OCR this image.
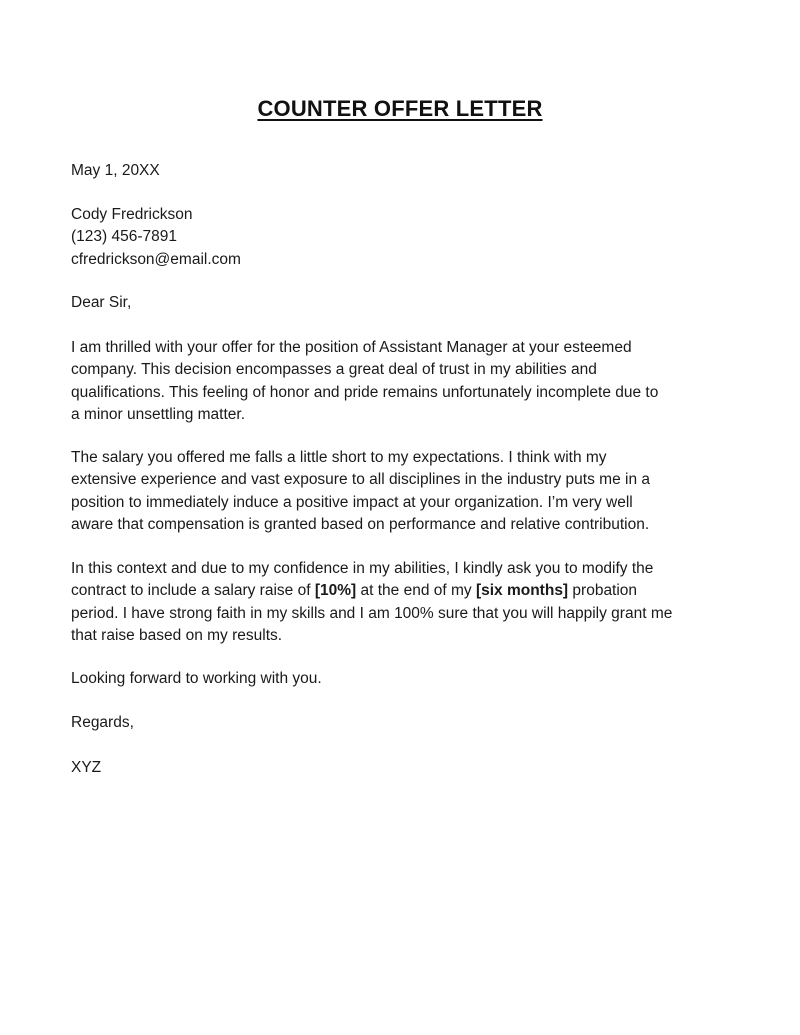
COUNTER OFFER LETTER

May 1, 20XX

Cody Fredrickson
(123) 456-7891
cfredrickson@email.com

Dear Sir,

I am thrilled with your offer for the position of Assistant Manager at your esteemed
company. This decision encompasses a great deal of trust in my abilities and
qualifications. This feeling of honor and pride remains unfortunately incomplete due to
a minor unsettling matter.

The salary you offered me falls a little short to my expectations. I think with my
extensive experience and vast exposure to all disciplines in the industry puts me in a
position to immediately induce a positive impact at your organization. I’m very well
aware that compensation is granted based on performance and relative contribution.

In this context and due to my confidence in my abilities, I kindly ask you to modify the
contract to include a salary raise of [10%] at the end of my [six months] probation
period. I have strong faith in my skills and I am 100% sure that you will happily grant me
that raise based on my results.

Looking forward to working with you.

Regards,

XYZ
